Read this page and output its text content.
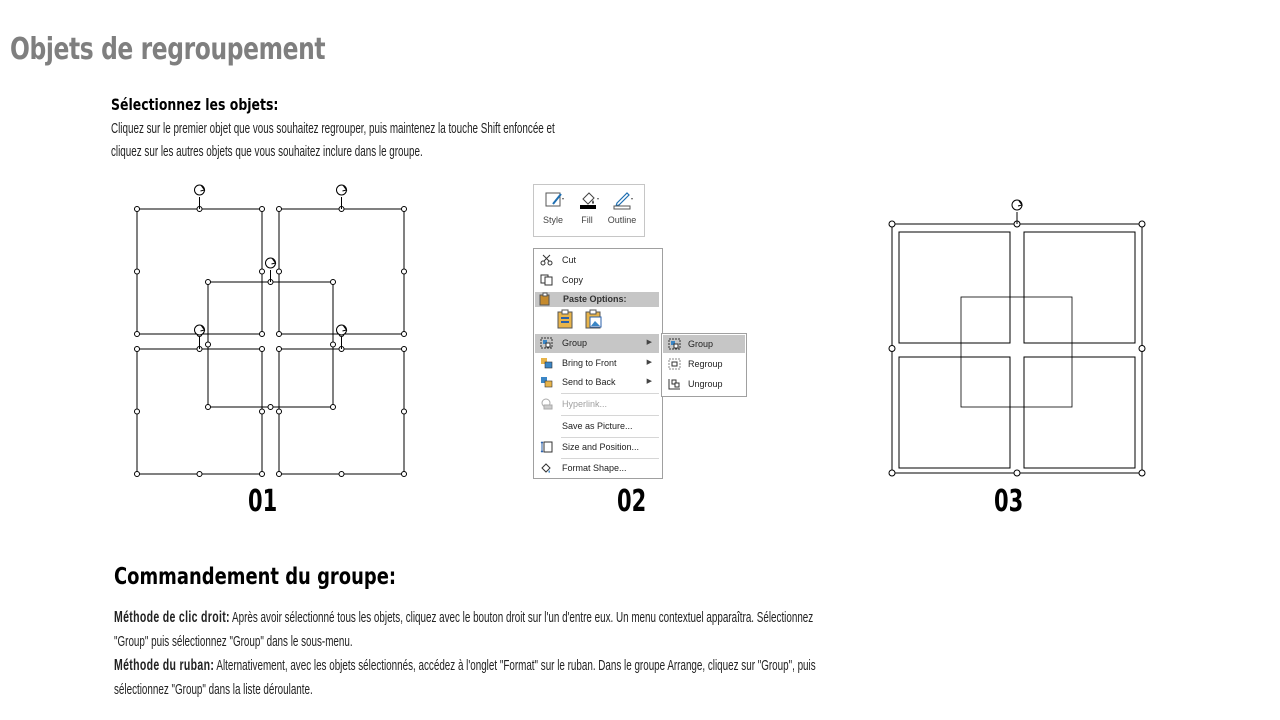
Objets de regroupement
Sélectionnez les objets:
Cliquez sur le premier objet que vous souhaitez regrouper, puis maintenez la touche Shift enfoncée et
cliquez sur les autres objets que vous souhaitez inclure dans le groupe.
01	02	03
Style	Fill	Outline
Cut
Copy
Paste Options:
Group	▶
Bring to Front	▶
Send to Back	▶
Hyperlink...
Save as Picture...
Size and Position...
Format Shape...
Group
Regroup
Ungroup
Commandement du groupe:
Méthode de clic droit: Après avoir sélectionné tous les objets, cliquez avec le bouton droit sur l'un d'entre eux. Un menu contextuel apparaîtra. Sélectionnez
"Group" puis sélectionnez "Group" dans le sous-menu.
Méthode du ruban: Alternativement, avec les objets sélectionnés, accédez à l'onglet "Format" sur le ruban. Dans le groupe Arrange, cliquez sur "Group", puis
sélectionnez "Group" dans la liste déroulante.
